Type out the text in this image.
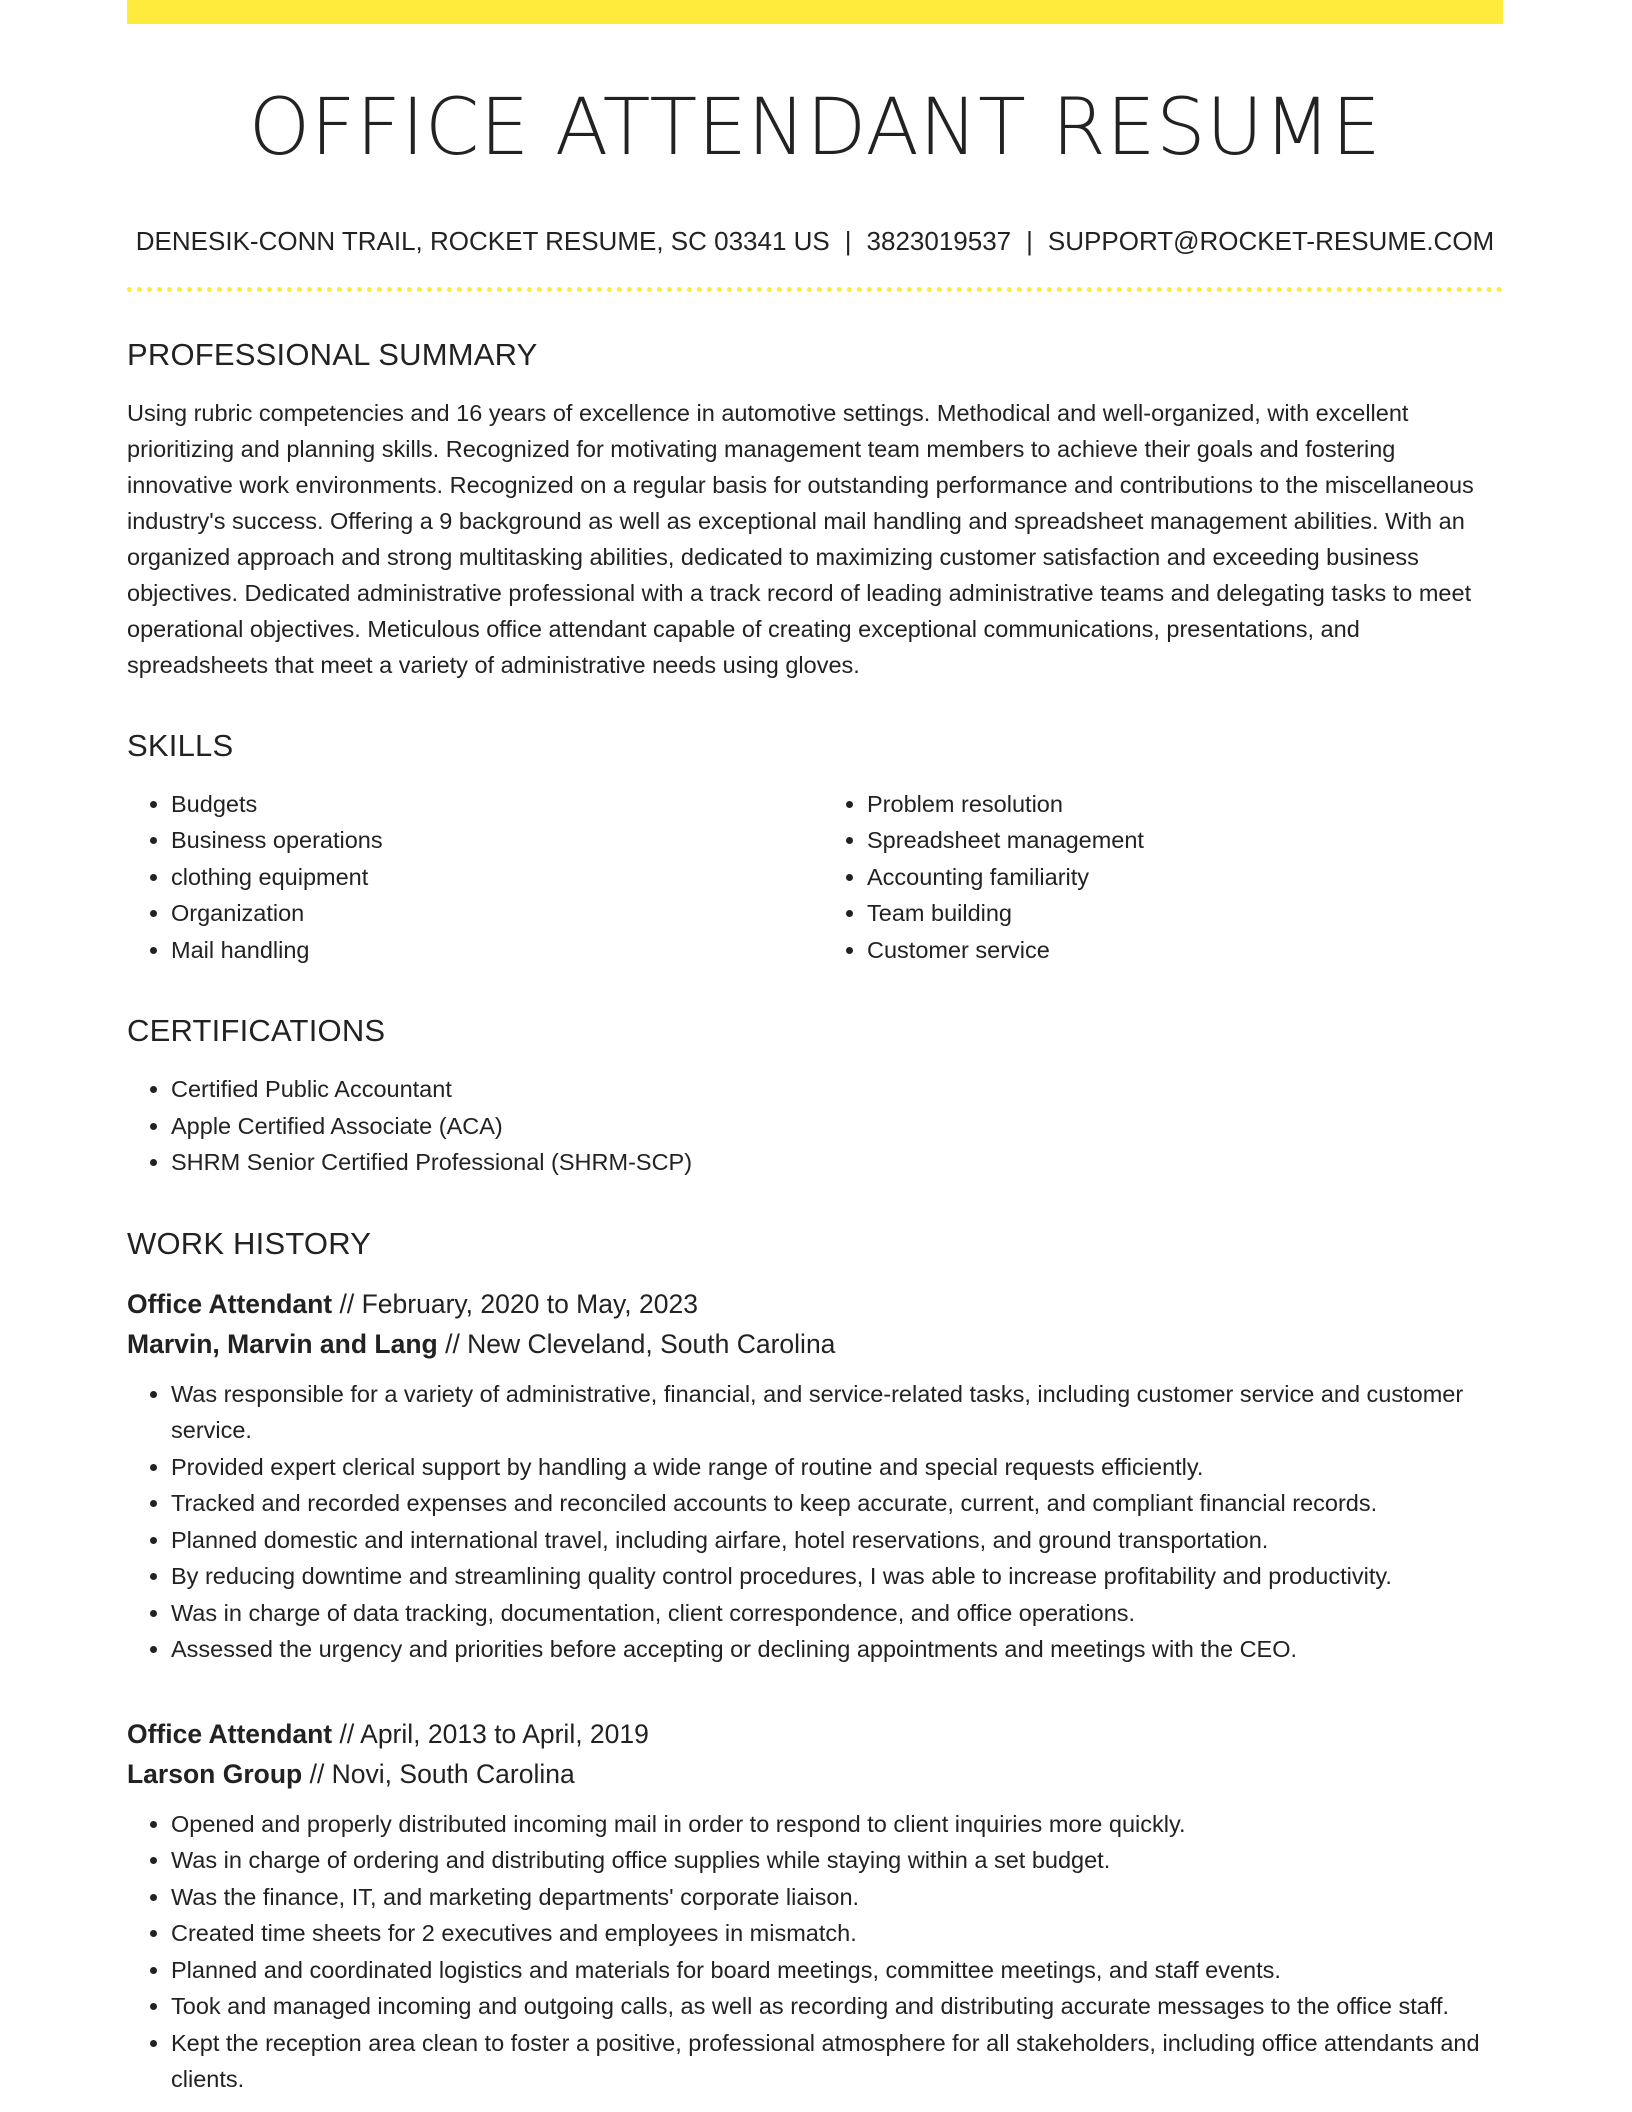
OFFICE ATTENDANT RESUME
DENESIK-CONN TRAIL, ROCKET RESUME, SC 03341 US | 3823019537 | SUPPORT@ROCKET-RESUME.COM
PROFESSIONAL SUMMARY

Using rubric competencies and 16 years of excellence in automotive settings. Methodical and well-organized, with excellent prioritizing and planning skills. Recognized for motivating management team members to achieve their goals and fostering innovative work environments. Recognized on a regular basis for outstanding performance and contributions to the miscellaneous industry's success. Offering a 9 background as well as exceptional mail handling and spreadsheet management abilities. With an organized approach and strong multitasking abilities, dedicated to maximizing customer satisfaction and exceeding business objectives. Dedicated administrative professional with a track record of leading administrative teams and delegating tasks to meet operational objectives. Meticulous office attendant capable of creating exceptional communications, presentations, and spreadsheets that meet a variety of administrative needs using gloves.

SKILLS
• Budgets
• Business operations
• clothing equipment
• Organization
• Mail handling
• Problem resolution
• Spreadsheet management
• Accounting familiarity
• Team building
• Customer service
CERTIFICATIONS
• Certified Public Accountant
• Apple Certified Associate (ACA)
• SHRM Senior Certified Professional (SHRM-SCP)
WORK HISTORY

Office Attendant // February, 2020 to May, 2023

Marvin, Marvin and Lang // New Cleveland, South Carolina

• Was responsible for a variety of administrative, financial, and service-related tasks, including customer service and customer service.
• Provided expert clerical support by handling a wide range of routine and special requests efficiently.
• Tracked and recorded expenses and reconciled accounts to keep accurate, current, and compliant financial records.
• Planned domestic and international travel, including airfare, hotel reservations, and ground transportation.
• By reducing downtime and streamlining quality control procedures, I was able to increase profitability and productivity.
• Was in charge of data tracking, documentation, client correspondence, and office operations.
• Assessed the urgency and priorities before accepting or declining appointments and meetings with the CEO.

Office Attendant // April, 2013 to April, 2019

Larson Group // Novi, South Carolina

• Opened and properly distributed incoming mail in order to respond to client inquiries more quickly.
• Was in charge of ordering and distributing office supplies while staying within a set budget.
• Was the finance, IT, and marketing departments' corporate liaison.
• Created time sheets for 2 executives and employees in mismatch.
• Planned and coordinated logistics and materials for board meetings, committee meetings, and staff events.
• Took and managed incoming and outgoing calls, as well as recording and distributing accurate messages to the office staff.
• Kept the reception area clean to foster a positive, professional atmosphere for all stakeholders, including office attendants and clients.
